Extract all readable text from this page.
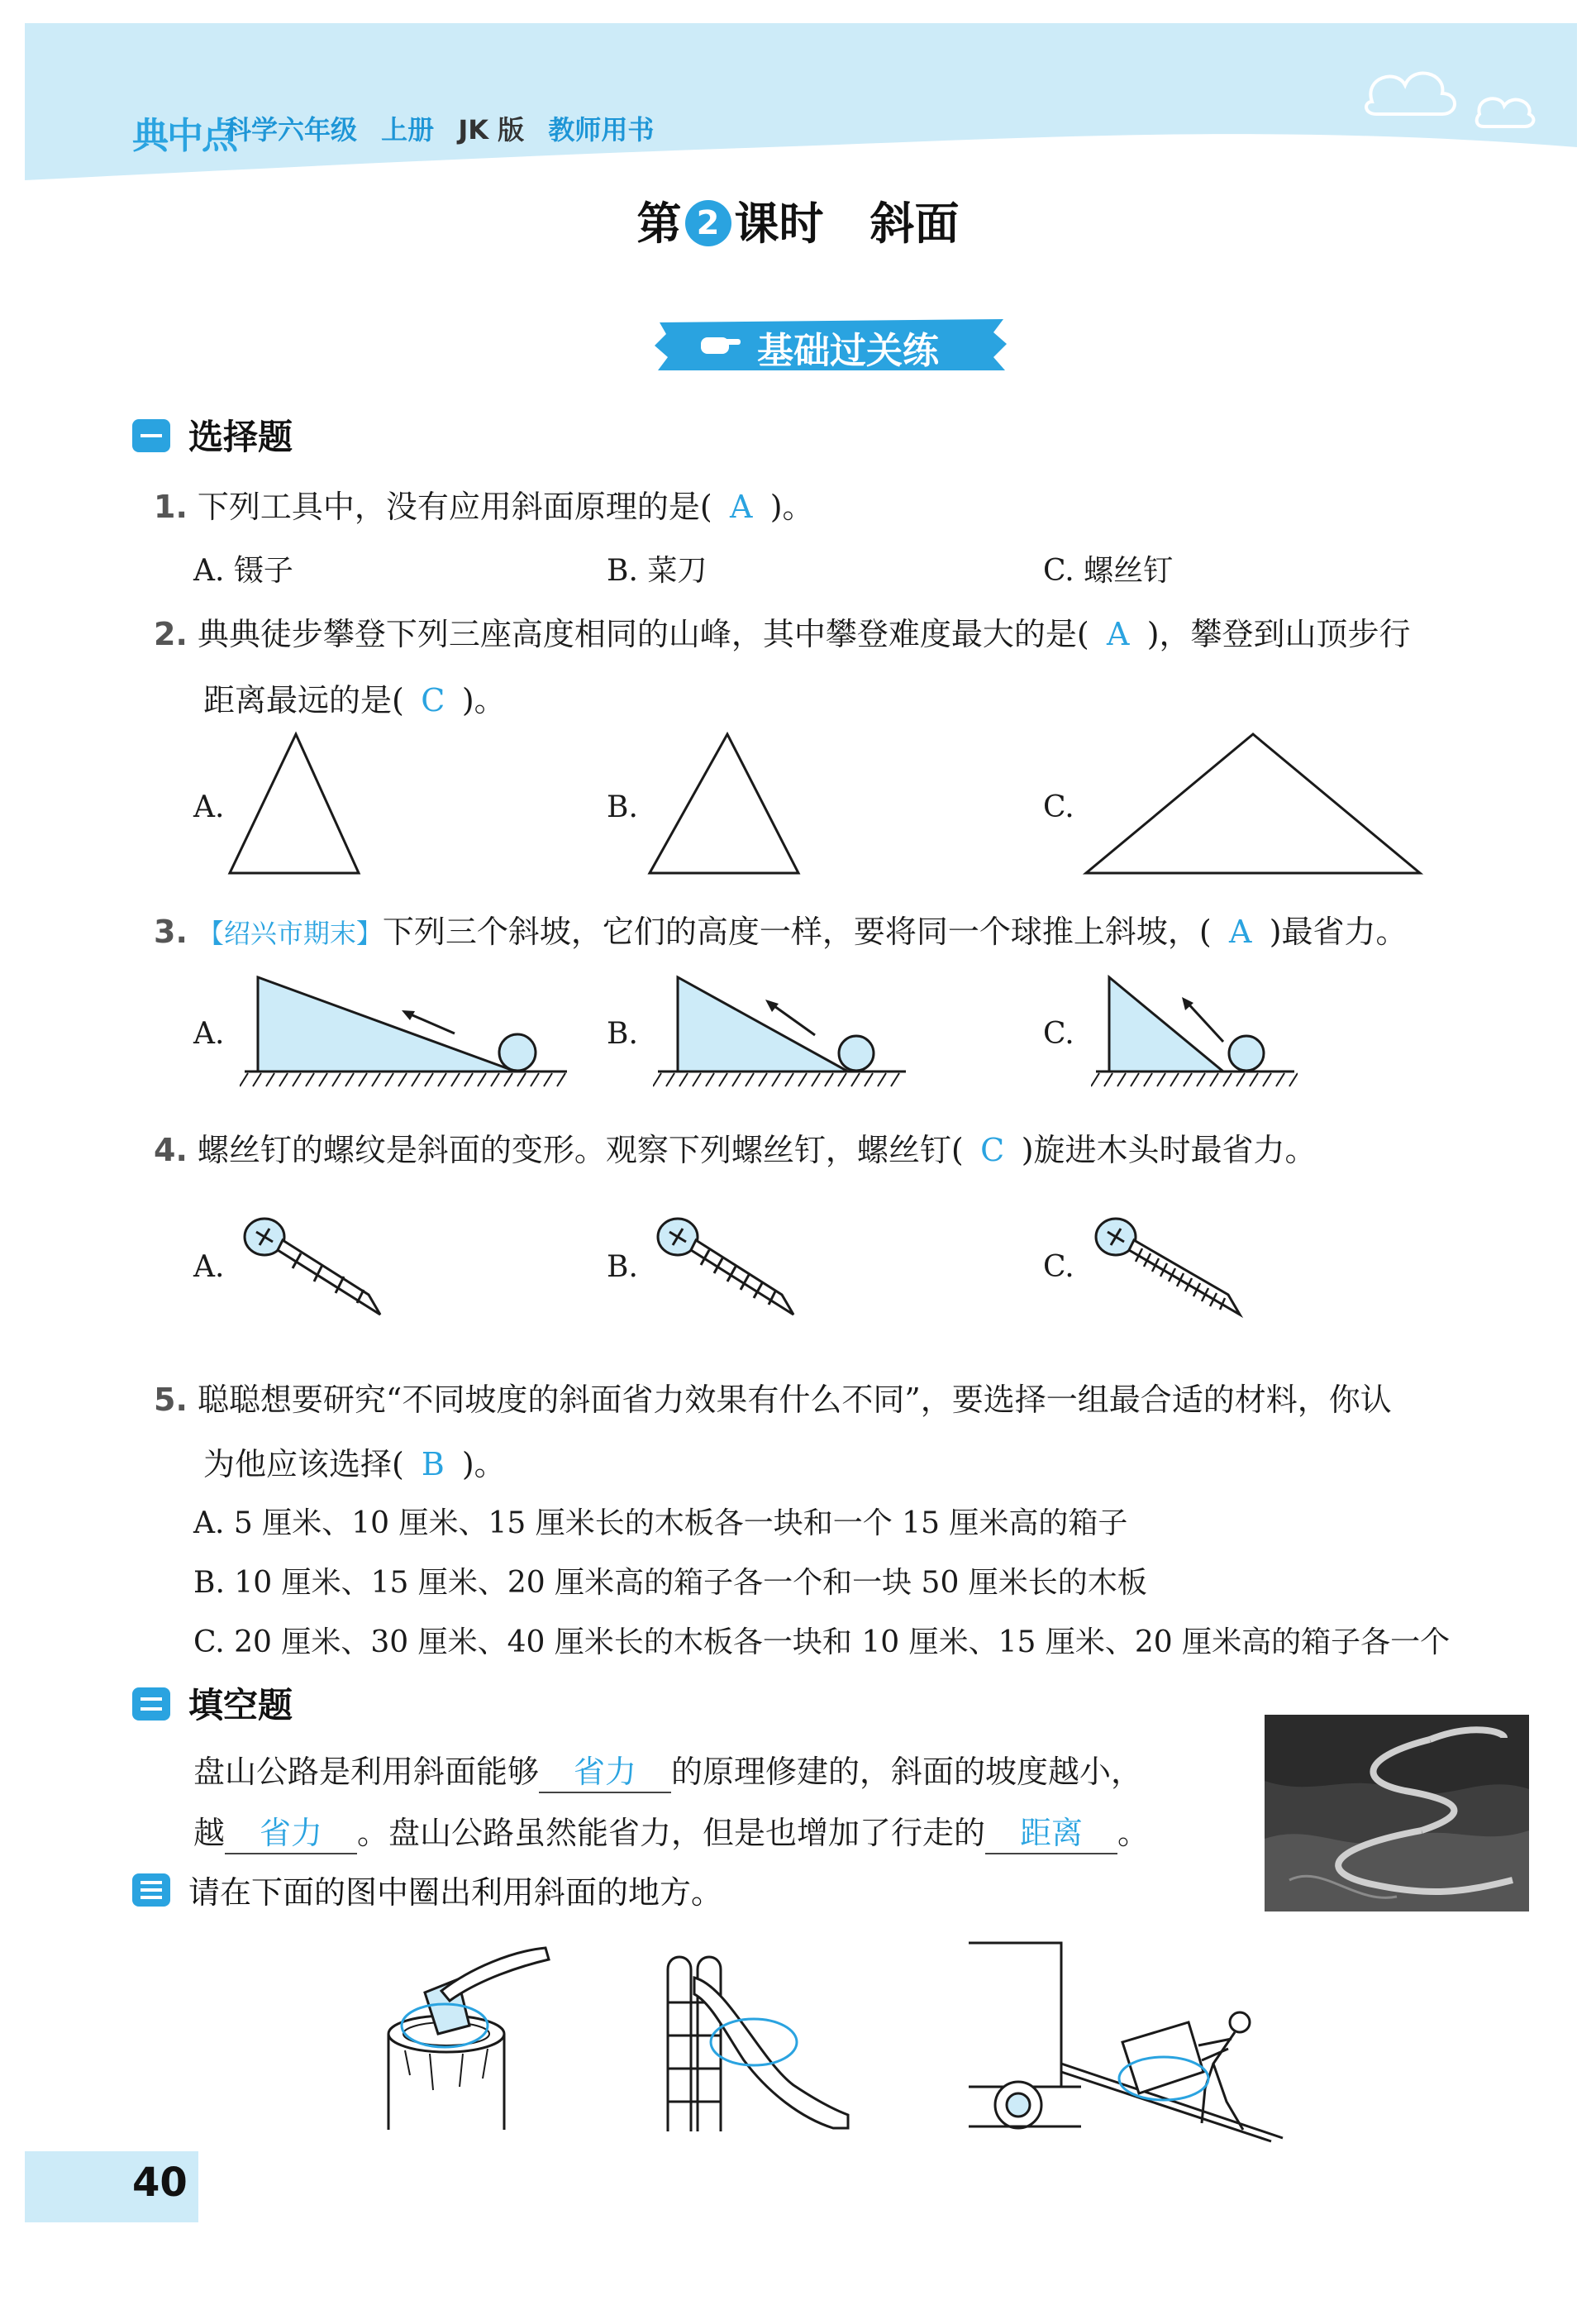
典中点
科学六年级 上册 JK 版 教师用书
第 2 课时 斜面
基础过关练
选择题
1. 下列工具中，没有应用斜面原理的是( A )。
A. 镊子	B. 菜刀	C. 螺丝钉
2. 典典徒步攀登下列三座高度相同的山峰，其中攀登难度最大的是( A )，攀登到山顶步行
距离最远的是( C )。
A.	B.	C.
3. 【绍兴市期末】下列三个斜坡，它们的高度一样，要将同一个球推上斜坡，( A )最省力。
A.	B.	C.
4. 螺丝钉的螺纹是斜面的变形。观察下列螺丝钉，螺丝钉( C )旋进木头时最省力。
A.	B.	C.
5. 聪聪想要研究“不同坡度的斜面省力效果有什么不同”，要选择一组最合适的材料，你认
为他应该选择( B )。
A. 5 厘米、10 厘米、15 厘米长的木板各一块和一个 15 厘米高的箱子
B. 10 厘米、15 厘米、20 厘米高的箱子各一个和一块 50 厘米长的木板
C. 20 厘米、30 厘米、40 厘米长的木板各一块和 10 厘米、15 厘米、20 厘米高的箱子各一个
填空题
盘山公路是利用斜面能够 省力 的原理修建的，斜面的坡度越小，
越 省力 。盘山公路虽然能省力，但是也增加了行走的 距离 。
请在下面的图中圈出利用斜面的地方。
40
